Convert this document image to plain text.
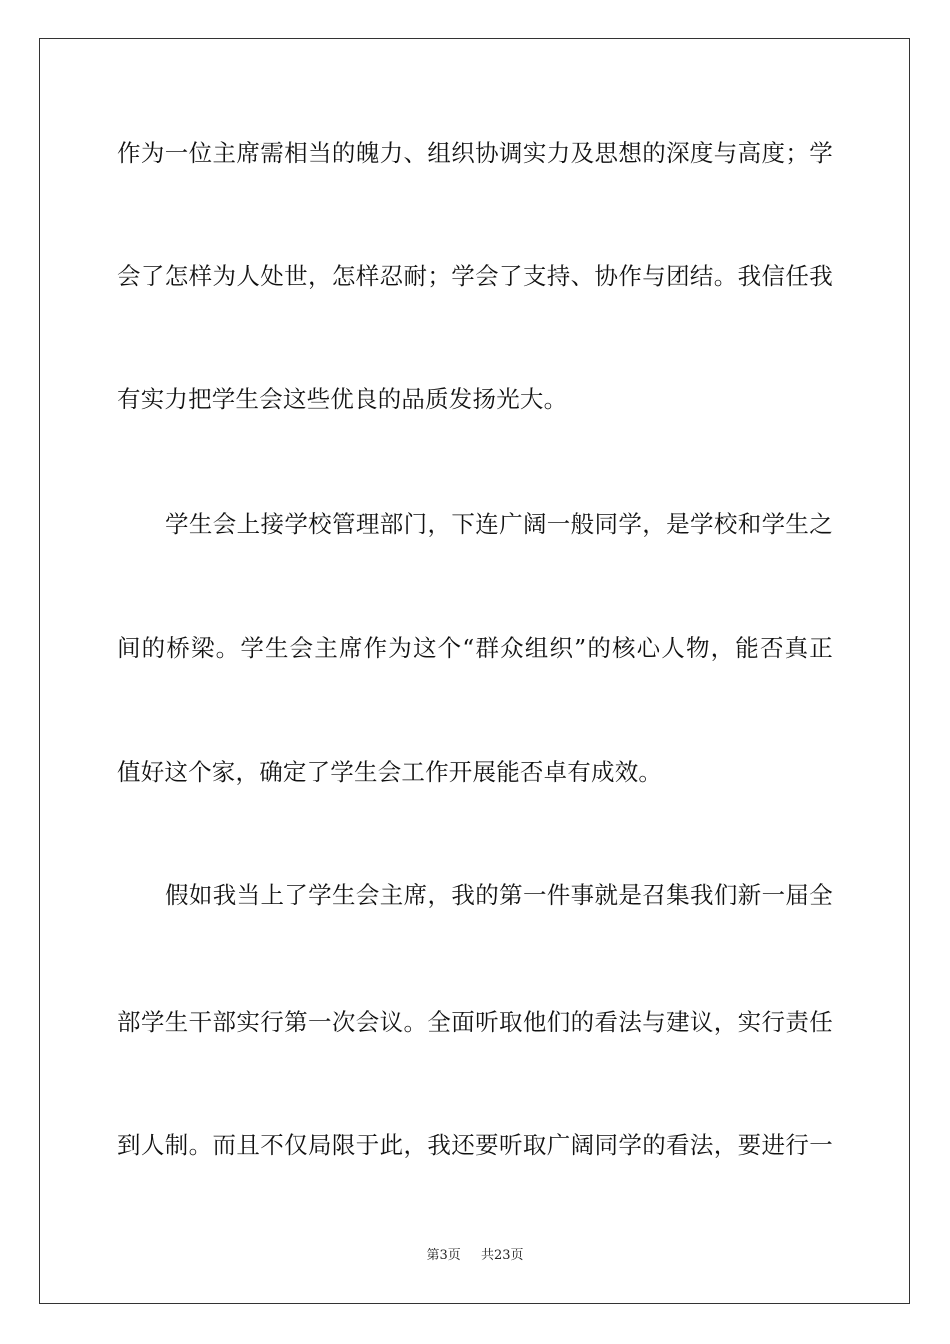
作为一位主席需相当的魄力、组织协调实力及思想的深度与高度；学
会了怎样为人处世，怎样忍耐；学会了支持、协作与团结。我信任我
有实力把学生会这些优良的品质发扬光大。
学生会上接学校管理部门，下连广阔一般同学，是学校和学生之
间的桥梁。学生会主席作为这个“群众组织”的核心人物，能否真正
值好这个家，确定了学生会工作开展能否卓有成效。
假如我当上了学生会主席，我的第一件事就是召集我们新一届全
部学生干部实行第一次会议。全面听取他们的看法与建议，实行责任
到人制。而且不仅局限于此，我还要听取广阔同学的看法，要进行一
第3页 共23页
